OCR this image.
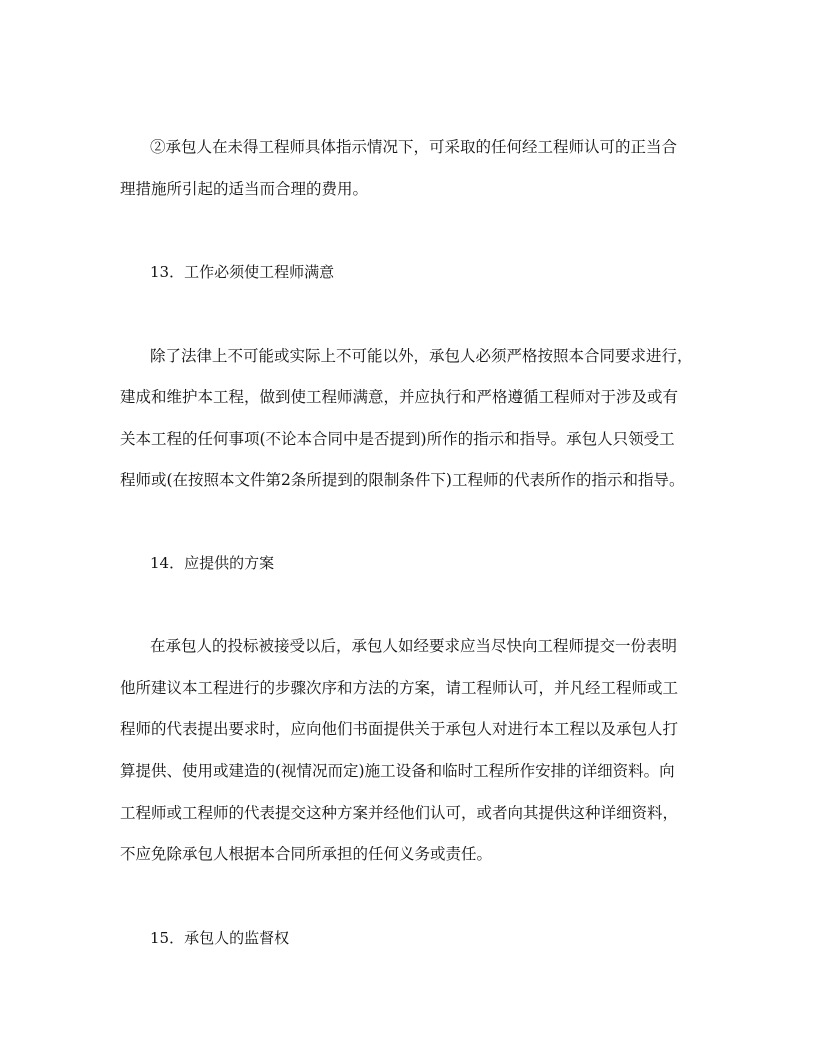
②承包人在未得工程师具体指示情况下，可采取的任何经工程师认可的正当合
理措施所引起的适当而合理的费用。
13．工作必须使工程师满意
除了法律上不可能或实际上不可能以外，承包人必须严格按照本合同要求进行，
建成和维护本工程，做到使工程师满意，并应执行和严格遵循工程师对于涉及或有
关本工程的任何事项(不论本合同中是否提到)所作的指示和指导。承包人只领受工
程师或(在按照本文件第2条所提到的限制条件下)工程师的代表所作的指示和指导。
14．应提供的方案
在承包人的投标被接受以后，承包人如经要求应当尽快向工程师提交一份表明
他所建议本工程进行的步骤次序和方法的方案，请工程师认可，并凡经工程师或工
程师的代表提出要求时，应向他们书面提供关于承包人对进行本工程以及承包人打
算提供、使用或建造的(视情况而定)施工设备和临时工程所作安排的详细资料。向
工程师或工程师的代表提交这种方案并经他们认可，或者向其提供这种详细资料，
不应免除承包人根据本合同所承担的任何义务或责任。
15．承包人的监督权
